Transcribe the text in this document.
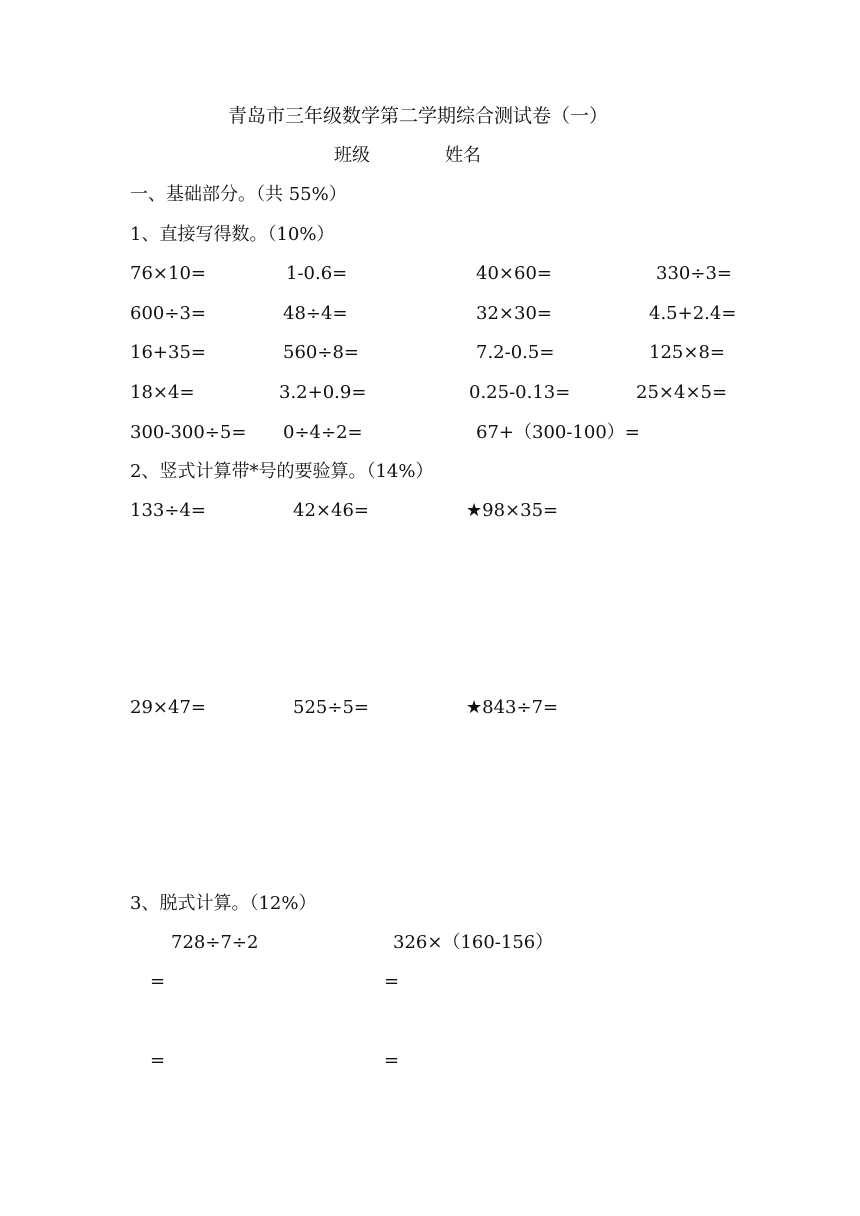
青岛市三年级数学第二学期综合测试卷（一）
班级	姓名
一、基础部分。（共 55%）
1、直接写得数。（10%）
76×10=	1-0.6=	40×60=	330÷3=
600÷3=	48÷4=	32×30=	4.5+2.4=
16+35=	560÷8=	7.2-0.5=	125×8=
18×4=	3.2+0.9=	0.25-0.13=	25×4×5=
300-300÷5= 0÷4÷2=	67+（300-100）=
2、竖式计算带*号的要验算。（14%）
133÷4=	42×46=	★98×35=
29×47=	525÷5=	★843÷7=
3、脱式计算。（12%）
728÷7÷2	326×（160-156）
=	=
=	=
